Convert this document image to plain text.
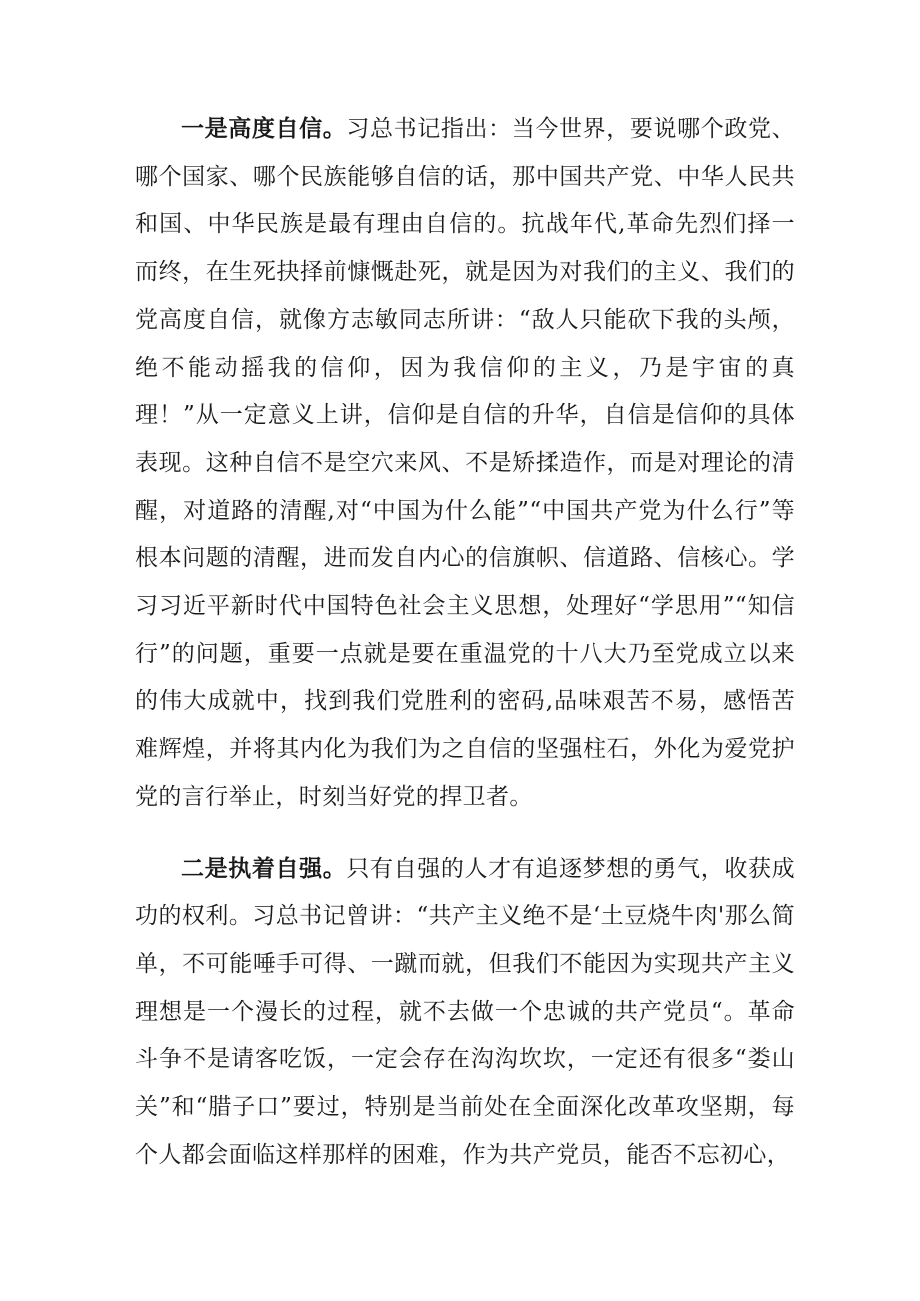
一是高度自信。习总书记指出：当今世界，要说哪个政党、哪个国家、哪个民族能够自信的话，那中国共产党、中华人民共和国、中华民族是最有理由自信的。抗战年代,革命先烈们择一而终，在生死抉择前慷慨赴死，就是因为对我们的主义、我们的党高度自信，就像方志敏同志所讲：“敌人只能砍下我的头颅，绝不能动摇我的信仰，因为我信仰的主义，乃是宇宙的真理！”从一定意义上讲，信仰是自信的升华，自信是信仰的具体表现。这种自信不是空穴来风、不是矫揉造作，而是对理论的清醒，对道路的清醒,对“中国为什么能”“中国共产党为什么行”等根本问题的清醒，进而发自内心的信旗帜、信道路、信核心。学习习近平新时代中国特色社会主义思想，处理好“学思用”“知信行”的问题，重要一点就是要在重温党的十八大乃至党成立以来的伟大成就中，找到我们党胜利的密码,品味艰苦不易，感悟苦难辉煌，并将其内化为我们为之自信的坚强柱石，外化为爱党护党的言行举止，时刻当好党的捍卫者。

二是执着自强。只有自强的人才有追逐梦想的勇气，收获成功的权利。习总书记曾讲：“共产主义绝不是‘土豆烧牛肉'那么简单，不可能唾手可得、一蹴而就，但我们不能因为实现共产主义理想是一个漫长的过程，就不去做一个忠诚的共产党员“。革命斗争不是请客吃饭，一定会存在沟沟坎坎，一定还有很多“娄山关”和“腊子口”要过，特别是当前处在全面深化改革攻坚期，每个人都会面临这样那样的困难，作为共产党员，能否不忘初心，
